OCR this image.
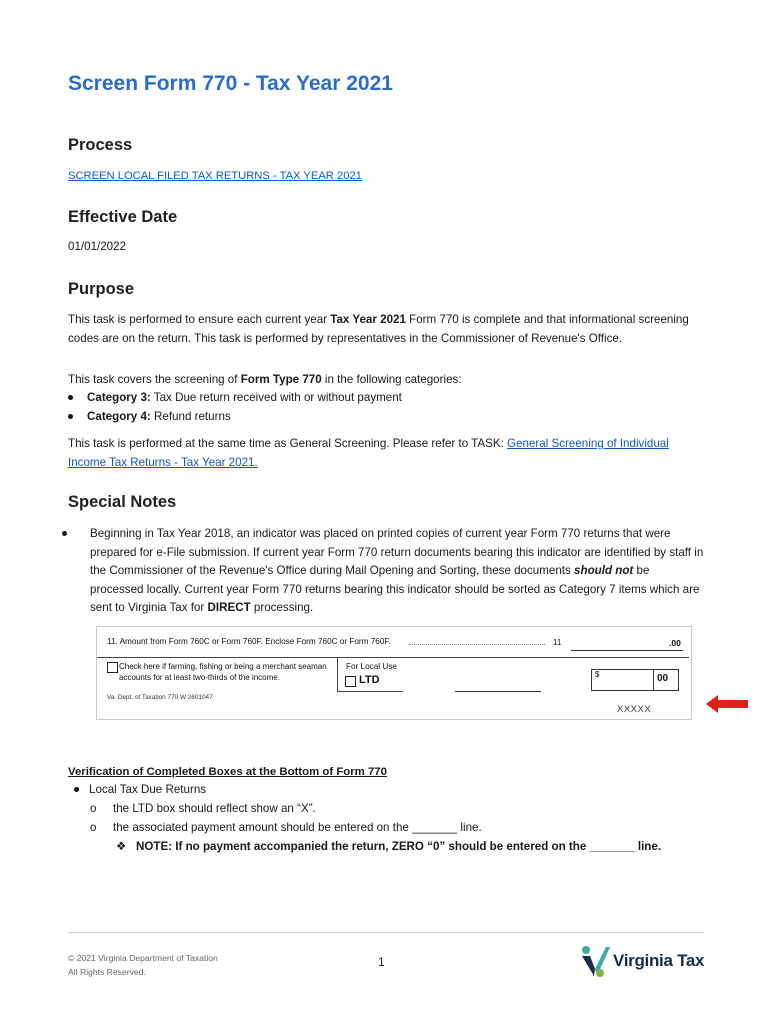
Screen Form 770 - Tax Year 2021
Process
SCREEN LOCAL FILED TAX RETURNS - TAX YEAR 2021
Effective Date
01/01/2022
Purpose
This task is performed to ensure each current year Tax Year 2021 Form 770 is complete and that informational screening codes are on the return. This task is performed by representatives in the Commissioner of Revenue's Office.
This task covers the screening of Form Type 770 in the following categories:
Category 3: Tax Due return received with or without payment
Category 4: Refund returns
This task is performed at the same time as General Screening. Please refer to TASK: General Screening of Individual Income Tax Returns - Tax Year 2021.
Special Notes
Beginning in Tax Year 2018, an indicator was placed on printed copies of current year Form 770 returns that were prepared for e-File submission. If current year Form 770 return documents bearing this indicator are identified by staff in the Commissioner of the Revenue's Office during Mail Opening and Sorting, these documents should not be processed locally. Current year Form 770 returns bearing this indicator should be sorted as Category 7 items which are sent to Virginia Tax for DIRECT processing.
11. Amount from Form 760C or Form 760F. Enclose Form 760C or Form 760F.	11	.00
Check here if farming, fishing or being a merchant seaman accounts for at least two-thirds of the income.
For Local Use
LTD	$	00
Va. Dept. of Taxation 770 W 2601047
XXXXX
Verification of Completed Boxes at the Bottom of Form 770
Local Tax Due Returns
o the LTD box should reflect show an “X”.
o the associated payment amount should be entered on the _______ line.
❖ NOTE: If no payment accompanied the return, ZERO “0” should be entered on the _______ line.
© 2021 Virginia Department of Taxation
All Rights Reserved.
1	Virginia Tax
